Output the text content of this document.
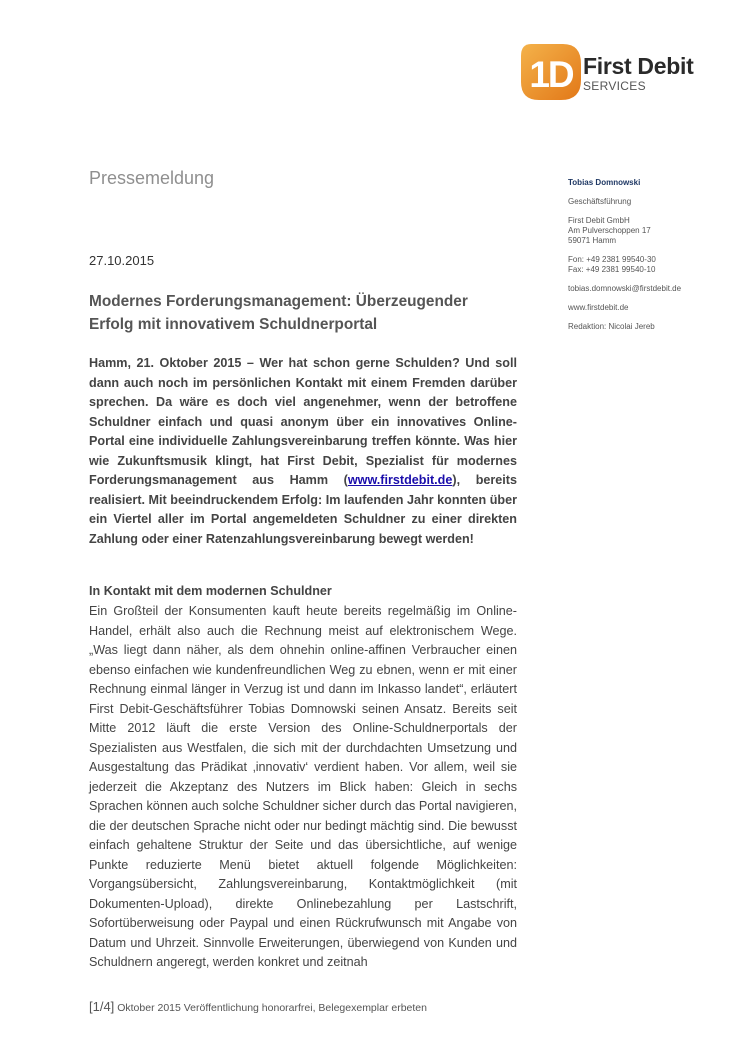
1D First Debit
SERVICES
Pressemeldung
27.10.2015
Modernes Forderungsmanagement: Überzeugender Erfolg mit innovativem Schuldnerportal
Hamm, 21. Oktober 2015 – Wer hat schon gerne Schulden? Und soll dann auch noch im persönlichen Kontakt mit einem Fremden darüber sprechen. Da wäre es doch viel angenehmer, wenn der betroffene Schuldner einfach und quasi anonym über ein innovatives Online-Portal eine individuelle Zahlungsvereinbarung treffen könnte. Was hier wie Zukunftsmusik klingt, hat First Debit, Spezialist für modernes Forderungsmanagement aus Hamm (www.firstdebit.de), bereits realisiert. Mit beeindruckendem Erfolg: Im laufenden Jahr konnten über ein Viertel aller im Portal angemeldeten Schuldner zu einer direkten Zahlung oder einer Ratenzahlungsvereinbarung bewegt werden!
In Kontakt mit dem modernen Schuldner
Ein Großteil der Konsumenten kauft heute bereits regelmäßig im Online-Handel, erhält also auch die Rechnung meist auf elektronischem Wege. „Was liegt dann näher, als dem ohnehin online-affinen Verbraucher einen ebenso einfachen wie kundenfreundlichen Weg zu ebnen, wenn er mit einer Rechnung einmal länger in Verzug ist und dann im Inkasso landet“, erläutert First Debit-Geschäftsführer Tobias Domnowski seinen Ansatz. Bereits seit Mitte 2012 läuft die erste Version des Online-Schuldnerportals der Spezialisten aus Westfalen, die sich mit der durchdachten Umsetzung und Ausgestaltung das Prädikat ‚innovativ‘ verdient haben. Vor allem, weil sie jederzeit die Akzeptanz des Nutzers im Blick haben: Gleich in sechs Sprachen können auch solche Schuldner sicher durch das Portal navigieren, die der deutschen Sprache nicht oder nur bedingt mächtig sind. Die bewusst einfach gehaltene Struktur der Seite und das übersichtliche, auf wenige Punkte reduzierte Menü bietet aktuell folgende Möglichkeiten: Vorgangsübersicht, Zahlungsvereinbarung, Kontaktmöglichkeit (mit Dokumenten-Upload), direkte Onlinebezahlung per Lastschrift, Sofortüberweisung oder Paypal und einen Rückrufwunsch mit Angabe von Datum und Uhrzeit. Sinnvolle Erweiterungen, überwiegend von Kunden und Schuldnern angeregt, werden konkret und zeitnah
Tobias Domnowski
Geschäftsführung
First Debit GmbH
Am Pulverschoppen 17
59071 Hamm
Fon: +49 2381 99540-30
Fax: +49 2381 99540-10
tobias.domnowski@firstdebit.de
www.firstdebit.de
Redaktion: Nicolai Jereb
[1/4] Oktober 2015 Veröffentlichung honorarfrei, Belegexemplar erbeten
